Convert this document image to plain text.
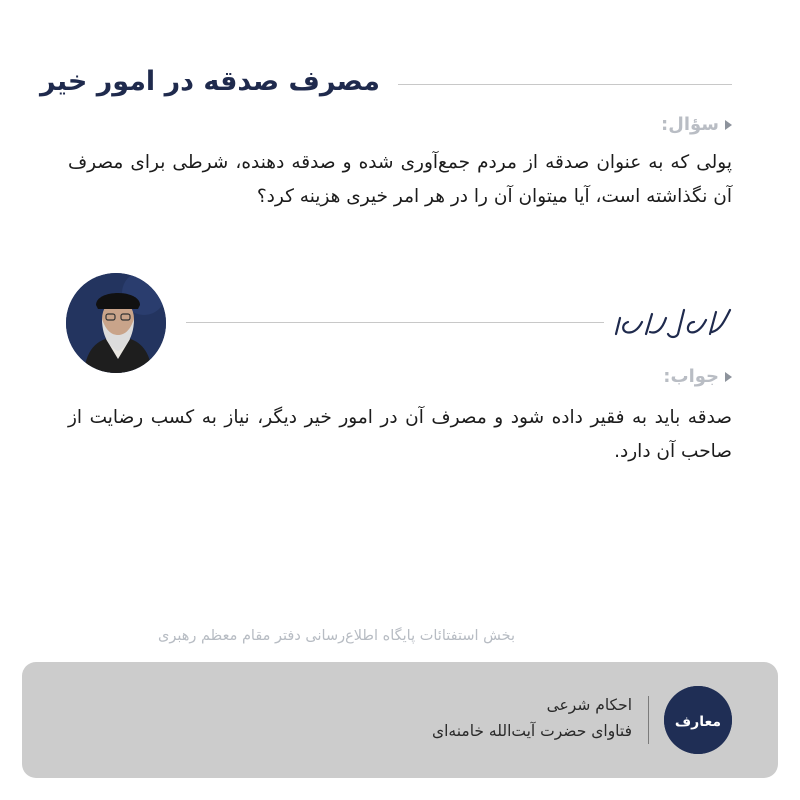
مصرف صدقه در امور خیر
سؤال:
پولی که به عنوان صدقه از مردم جمع‌آوری شده و صدقه دهنده، شرطی برای مصرف آن نگذاشته است، آیا میتوان آن را در هر امر خیری هزینه کرد؟
جواب:
صدقه باید به فقیر داده شود و مصرف آن در امور خیر دیگر، نیاز به کسب رضایت از صاحب آن دارد.
بخش استفتائات پایگاه اطلاع‌رسانی دفتر مقام معظم رهبری
معارف
احکام شرعی
فتاوای حضرت آیت‌الله خامنه‌ای
